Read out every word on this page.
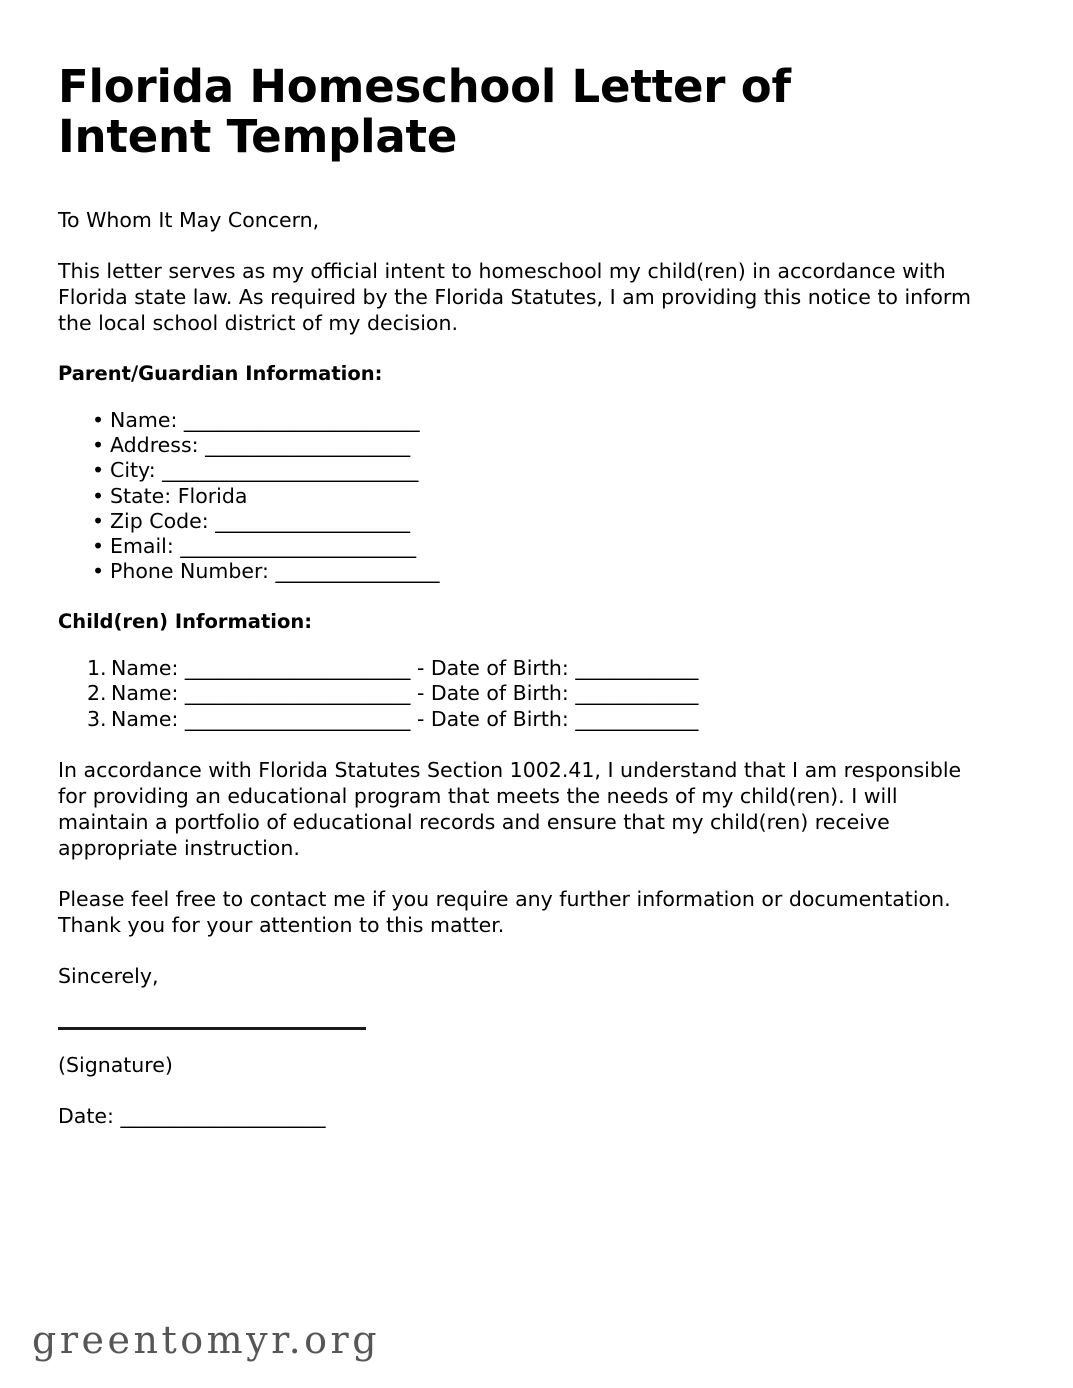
Florida Homeschool Letter of Intent Template

To Whom It May Concern,

This letter serves as my official intent to homeschool my child(ren) in accordance with Florida state law. As required by the Florida Statutes, I am providing this notice to inform the local school district of my decision.

Parent/Guardian Information:
• Name: _______________________
• Address: ____________________
• City: _________________________
• State: Florida
• Zip Code: ___________________
• Email: _______________________
• Phone Number: ________________
Child(ren) Information:
1. Name: ______________________ - Date of Birth: ____________
2. Name: ______________________ - Date of Birth: ____________
3. Name: ______________________ - Date of Birth: ____________

In accordance with Florida Statutes Section 1002.41, I understand that I am responsible for providing an educational program that meets the needs of my child(ren). I will maintain a portfolio of educational records and ensure that my child(ren) receive appropriate instruction.

Please feel free to contact me if you require any further information or documentation. Thank you for your attention to this matter.

Sincerely,

(Signature)

Date: ____________________

greentomyr.org
